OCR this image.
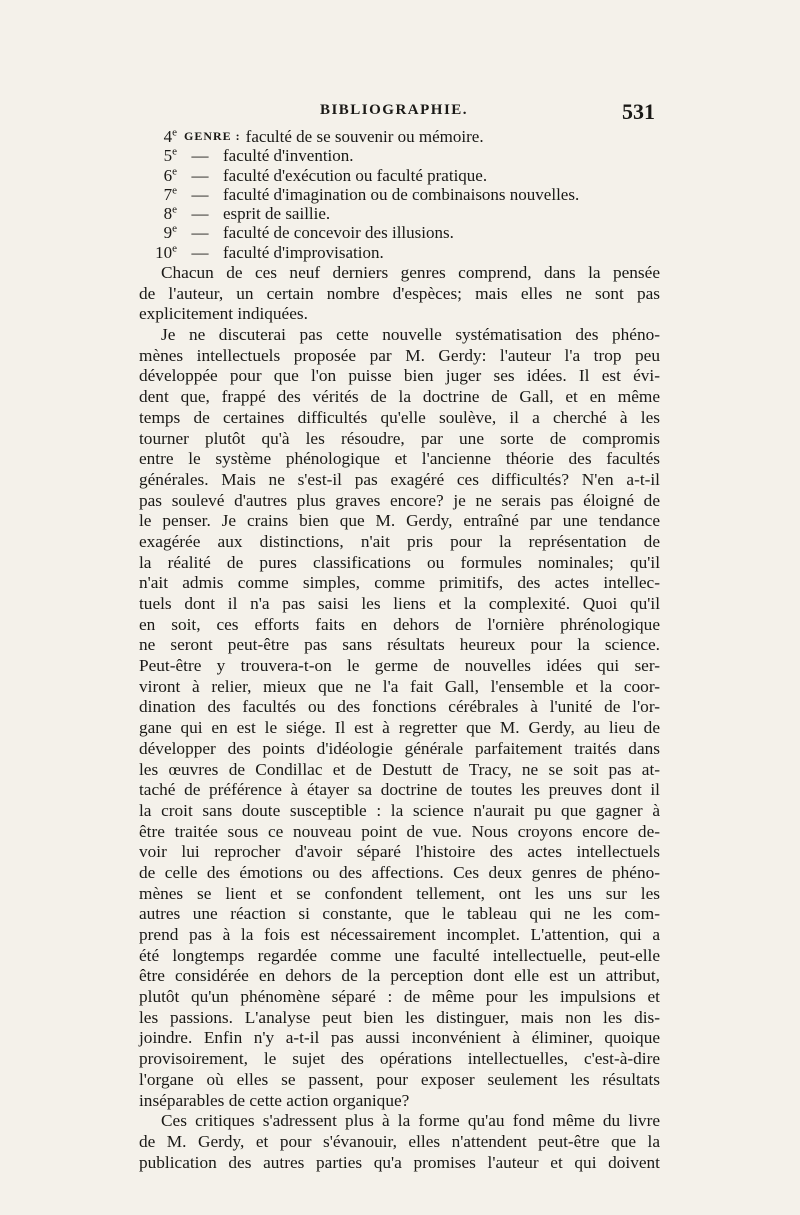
BIBLIOGRAPHIE.	531
4e GENRE : faculté de se souvenir ou mémoire.
5e — faculté d'invention.
6e — faculté d'exécution ou faculté pratique.
7e — faculté d'imagination ou de combinaisons nouvelles.
8e — esprit de saillie.
9e — faculté de concevoir des illusions.
10e — faculté d'improvisation.
Chacun de ces neuf derniers genres comprend, dans la pensée
de l'auteur, un certain nombre d'espèces; mais elles ne sont pas
explicitement indiquées.
Je ne discuterai pas cette nouvelle systématisation des phéno-
mènes intellectuels proposée par M. Gerdy: l'auteur l'a trop peu
développée pour que l'on puisse bien juger ses idées. Il est évi-
dent que, frappé des vérités de la doctrine de Gall, et en même
temps de certaines difficultés qu'elle soulève, il a cherché à les
tourner plutôt qu'à les résoudre, par une sorte de compromis
entre le système phénologique et l'ancienne théorie des facultés
générales. Mais ne s'est-il pas exagéré ces difficultés? N'en a-t-il
pas soulevé d'autres plus graves encore? je ne serais pas éloigné de
le penser. Je crains bien que M. Gerdy, entraîné par une tendance
exagérée aux distinctions, n'ait pris pour la représentation de
la réalité de pures classifications ou formules nominales; qu'il
n'ait admis comme simples, comme primitifs, des actes intellec-
tuels dont il n'a pas saisi les liens et la complexité. Quoi qu'il
en soit, ces efforts faits en dehors de l'ornière phrénologique
ne seront peut-être pas sans résultats heureux pour la science.
Peut-être y trouvera-t-on le germe de nouvelles idées qui ser-
viront à relier, mieux que ne l'a fait Gall, l'ensemble et la coor-
dination des facultés ou des fonctions cérébrales à l'unité de l'or-
gane qui en est le siége. Il est à regretter que M. Gerdy, au lieu de
développer des points d'idéologie générale parfaitement traités dans
les œuvres de Condillac et de Destutt de Tracy, ne se soit pas at-
taché de préférence à étayer sa doctrine de toutes les preuves dont il
la croit sans doute susceptible : la science n'aurait pu que gagner à
être traitée sous ce nouveau point de vue. Nous croyons encore de-
voir lui reprocher d'avoir séparé l'histoire des actes intellectuels
de celle des émotions ou des affections. Ces deux genres de phéno-
mènes se lient et se confondent tellement, ont les uns sur les
autres une réaction si constante, que le tableau qui ne les com-
prend pas à la fois est nécessairement incomplet. L'attention, qui a
été longtemps regardée comme une faculté intellectuelle, peut-elle
être considérée en dehors de la perception dont elle est un attribut,
plutôt qu'un phénomène séparé : de même pour les impulsions et
les passions. L'analyse peut bien les distinguer, mais non les dis-
joindre. Enfin n'y a-t-il pas aussi inconvénient à éliminer, quoique
provisoirement, le sujet des opérations intellectuelles, c'est-à-dire
l'organe où elles se passent, pour exposer seulement les résultats
inséparables de cette action organique?
Ces critiques s'adressent plus à la forme qu'au fond même du livre
de M. Gerdy, et pour s'évanouir, elles n'attendent peut-être que la
publication des autres parties qu'a promises l'auteur et qui doivent
